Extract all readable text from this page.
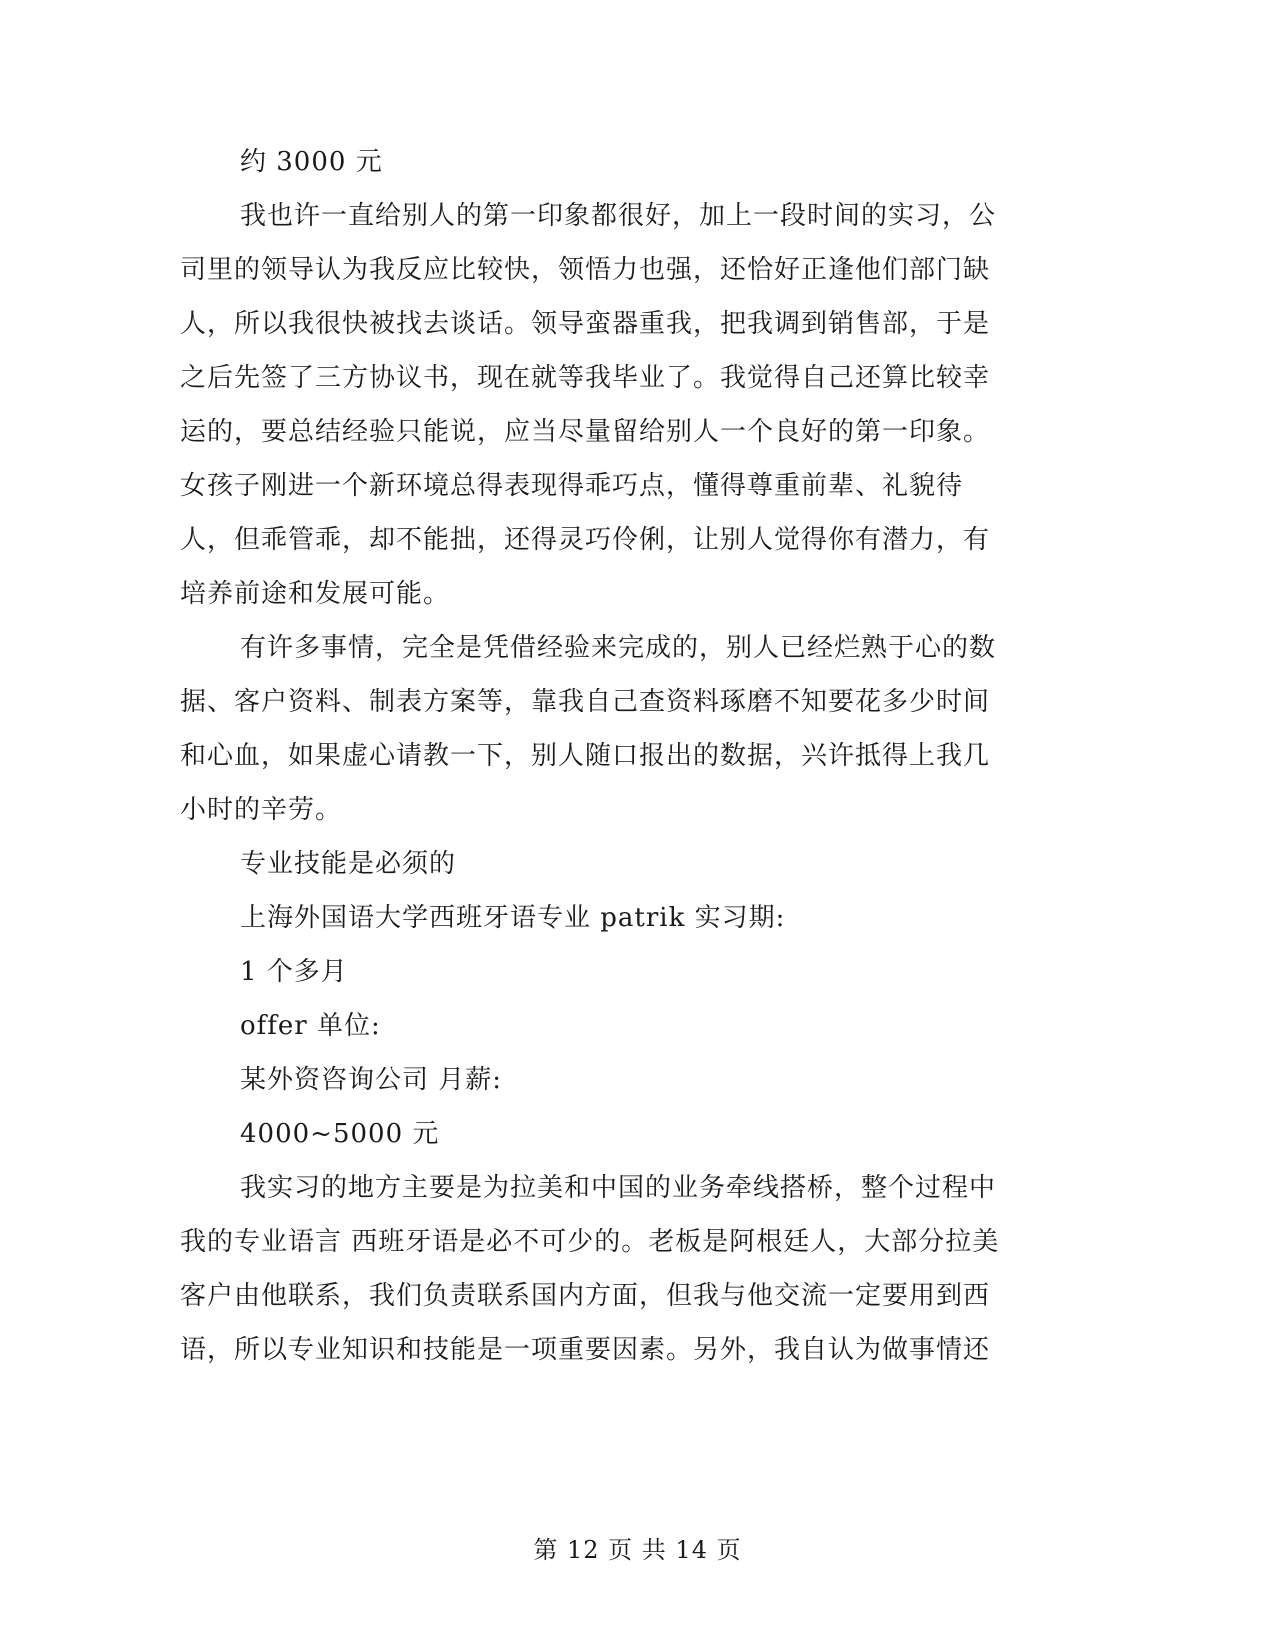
约 3000 元
我也许一直给别人的第一印象都很好，加上一段时间的实习，公
司里的领导认为我反应比较快，领悟力也强，还恰好正逢他们部门缺
人，所以我很快被找去谈话。领导蛮器重我，把我调到销售部，于是
之后先签了三方协议书，现在就等我毕业了。我觉得自己还算比较幸
运的，要总结经验只能说，应当尽量留给别人一个良好的第一印象。
女孩子刚进一个新环境总得表现得乖巧点，懂得尊重前辈、礼貌待
人，但乖管乖，却不能拙，还得灵巧伶俐，让别人觉得你有潜力，有
培养前途和发展可能。
有许多事情，完全是凭借经验来完成的，别人已经烂熟于心的数
据、客户资料、制表方案等，靠我自己查资料琢磨不知要花多少时间
和心血，如果虚心请教一下，别人随口报出的数据，兴许抵得上我几
小时的辛劳。
专业技能是必须的
上海外国语大学西班牙语专业 patrik 实习期:
1 个多月
offer 单位:
某外资咨询公司 月薪:
4000~5000 元
我实习的地方主要是为拉美和中国的业务牵线搭桥，整个过程中
我的专业语言 西班牙语是必不可少的。老板是阿根廷人，大部分拉美
客户由他联系，我们负责联系国内方面，但我与他交流一定要用到西
语，所以专业知识和技能是一项重要因素。另外，我自认为做事情还
第 12 页 共 14 页
